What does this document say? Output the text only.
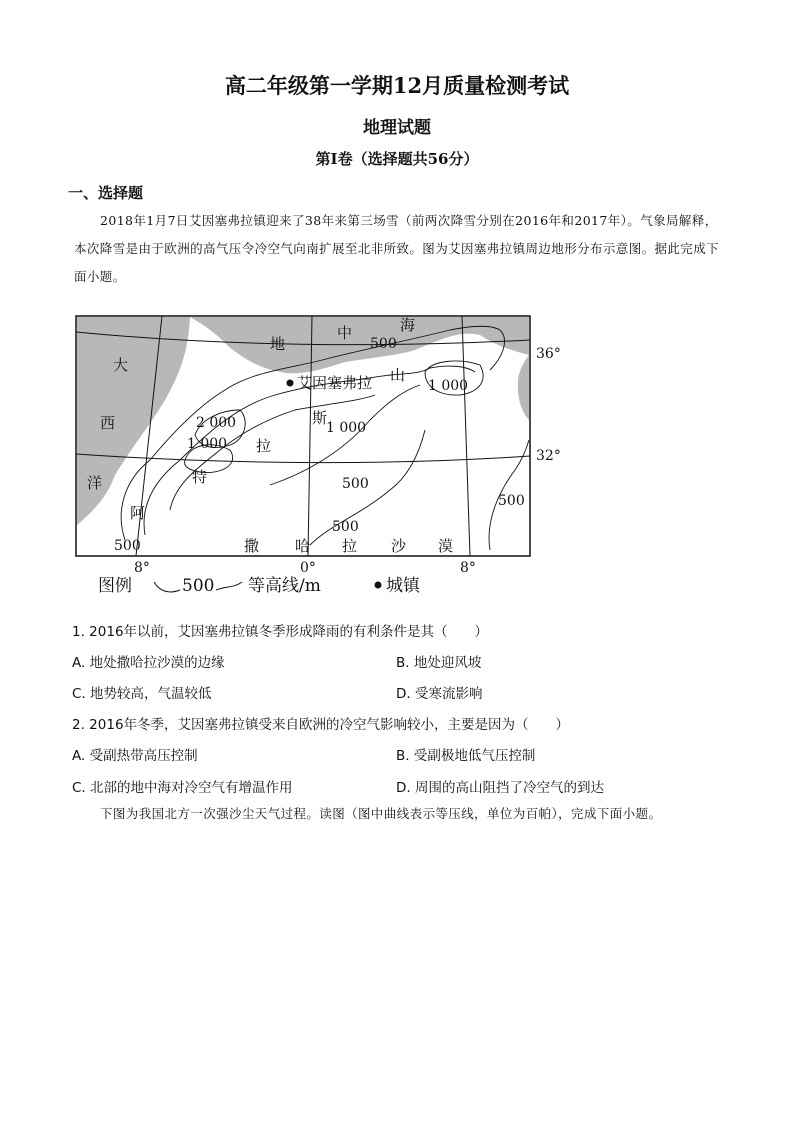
高二年级第一学期12月质量检测考试
地理试题
第Ⅰ卷（选择题共56分）
一、选择题
2018年1月7日艾因塞弗拉镇迎来了38年来第三场雪（前两次降雪分别在2016年和2017年）。气象局解释，本次降雪是由于欧洲的高气压令冷空气向南扩展至北非所致。图为艾因塞弗拉镇周边地形分布示意图。据此完成下面小题。
大
西
洋
地
中	海
阿
特
拉
斯
山
撒 哈 拉 沙 漠
艾因塞弗拉
500
1 000
2 000
1 000
1 000
500
500
500
500
36°
32°
8°	0°	8°
图例	500 等高线/m	城镇
1. 2016年以前，艾因塞弗拉镇冬季形成降雨的有利条件是其（　　）
A. 地处撒哈拉沙漠的边缘	B. 地处迎风坡
C. 地势较高，气温较低	D. 受寒流影响
2. 2016年冬季，艾因塞弗拉镇受来自欧洲的冷空气影响较小，主要是因为（　　）
A. 受副热带高压控制	B. 受副极地低气压控制
C. 北部的地中海对冷空气有增温作用	D. 周围的高山阻挡了冷空气的到达
下图为我国北方一次强沙尘天气过程。读图（图中曲线表示等压线，单位为百帕），完成下面小题。
